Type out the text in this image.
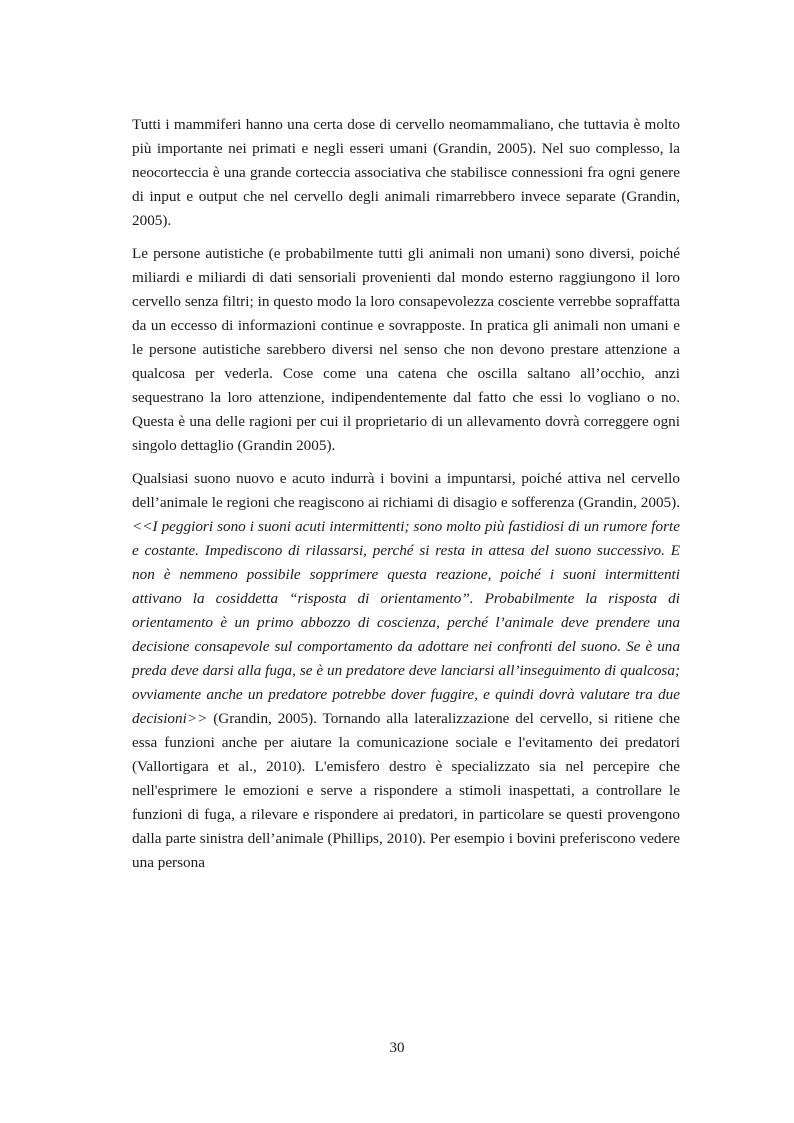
Tutti i mammiferi hanno una certa dose di cervello neomammaliano, che tuttavia è molto più importante nei primati e negli esseri umani (Grandin, 2005). Nel suo complesso, la neocorteccia è una grande corteccia associativa che stabilisce connessioni fra ogni genere di input e output che nel cervello degli animali rimarrebbero invece separate (Grandin, 2005).

Le persone autistiche (e probabilmente tutti gli animali non umani) sono diversi, poiché miliardi e miliardi di dati sensoriali provenienti dal mondo esterno raggiungono il loro cervello senza filtri; in questo modo la loro consapevolezza cosciente verrebbe sopraffatta da un eccesso di informazioni continue e sovrapposte. In pratica gli animali non umani e le persone autistiche sarebbero diversi nel senso che non devono prestare attenzione a qualcosa per vederla. Cose come una catena che oscilla saltano all’occhio, anzi sequestrano la loro attenzione, indipendentemente dal fatto che essi lo vogliano o no. Questa è una delle ragioni per cui il proprietario di un allevamento dovrà correggere ogni singolo dettaglio (Grandin 2005).

Qualsiasi suono nuovo e acuto indurrà i bovini a impuntarsi, poiché attiva nel cervello dell’animale le regioni che reagiscono ai richiami di disagio e sofferenza (Grandin, 2005). <<I peggiori sono i suoni acuti intermittenti; sono molto più fastidiosi di un rumore forte e costante. Impediscono di rilassarsi, perché si resta in attesa del suono successivo. E non è nemmeno possibile sopprimere questa reazione, poiché i suoni intermittenti attivano la cosiddetta “risposta di orientamento”. Probabilmente la risposta di orientamento è un primo abbozzo di coscienza, perché l’animale deve prendere una decisione consapevole sul comportamento da adottare nei confronti del suono. Se è una preda deve darsi alla fuga, se è un predatore deve lanciarsi all’inseguimento di qualcosa; ovviamente anche un predatore potrebbe dover fuggire, e quindi dovrà valutare tra due decisioni>> (Grandin, 2005). Tornando alla lateralizzazione del cervello, si ritiene che essa funzioni anche per aiutare la comunicazione sociale e l'evitamento dei predatori (Vallortigara et al., 2010). L'emisfero destro è specializzato sia nel percepire che nell'esprimere le emozioni e serve a rispondere a stimoli inaspettati, a controllare le funzioni di fuga, a rilevare e rispondere ai predatori, in particolare se questi provengono dalla parte sinistra dell’animale (Phillips, 2010). Per esempio i bovini preferiscono vedere una persona

30
